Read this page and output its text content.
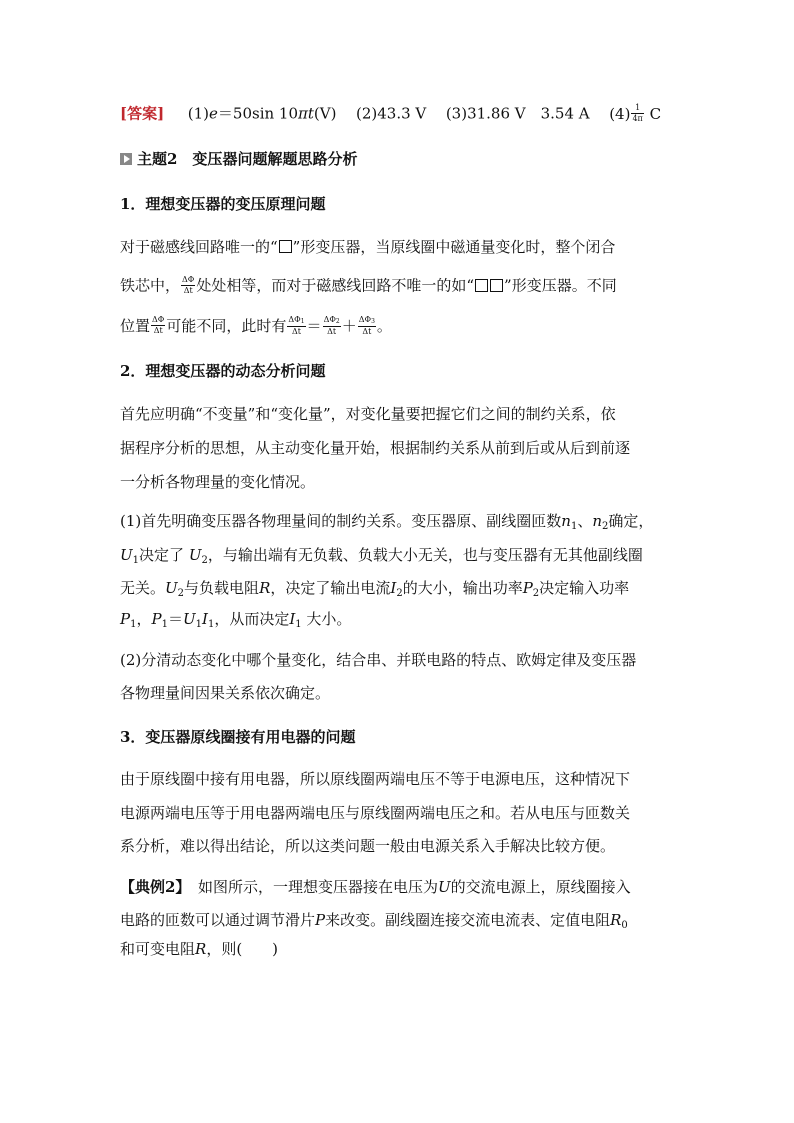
[答案] (1)e＝50sin 10πt(V) (2)43.3 V (3)31.86 V　3.54 A $(4) \frac{1}{4\pi}$ C
主题2　变压器问题解题思路分析
1．理想变压器的变压原理问题
对于磁感线回路唯一的“ ”形变压器，当原线圈中磁通量变化时，整个闭合
铁芯中， $\frac{\Delta\Phi}{\Delta t}$ 处处相等，而对于磁感线回路不唯一的如“ ”形变压器。不同
位置 $\frac{\Delta\Phi}{\Delta t}$ 可能不同，此时有 $\frac{\Delta\Phi_1}{\Delta t} = \frac{\Delta\Phi_2}{\Delta t} + \frac{\Delta\Phi_3}{\Delta t}$ 。
2．理想变压器的动态分析问题
首先应明确“不变量”和“变化量”，对变化量要把握它们之间的制约关系，依
据程序分析的思想，从主动变化量开始，根据制约关系从前到后或从后到前逐
一分析各物理量的变化情况。
(1)首先明确变压器各物理量间的制约关系。变压器原、副线圈匝数$n_1$、$n_2$确定，
$U_1$决定了 $U_2$，与输出端有无负载、负载大小无关，也与变压器有无其他副线圈
无关。$U_2$与负载电阻R，决定了输出电流$I_2$的大小，输出功率$P_2$决定输入功率
$P_1$，$P_1=U_1I_1$，从而决定$I_1$ 大小。
(2)分清动态变化中哪个量变化，结合串、并联电路的特点、欧姆定律及变压器
各物理量间因果关系依次确定。
3．变压器原线圈接有用电器的问题
由于原线圈中接有用电器，所以原线圈两端电压不等于电源电压，这种情况下
电源两端电压等于用电器两端电压与原线圈两端电压之和。若从电压与匝数关
系分析，难以得出结论，所以这类问题一般由电源关系入手解决比较方便。
【典例2】　如图所示，一理想变压器接在电压为U的交流电源上，原线圈接入
电路的匝数可以通过调节滑片P来改变。副线圈连接交流电流表、定值电阻$R_0$
和可变电阻R，则(　　)
